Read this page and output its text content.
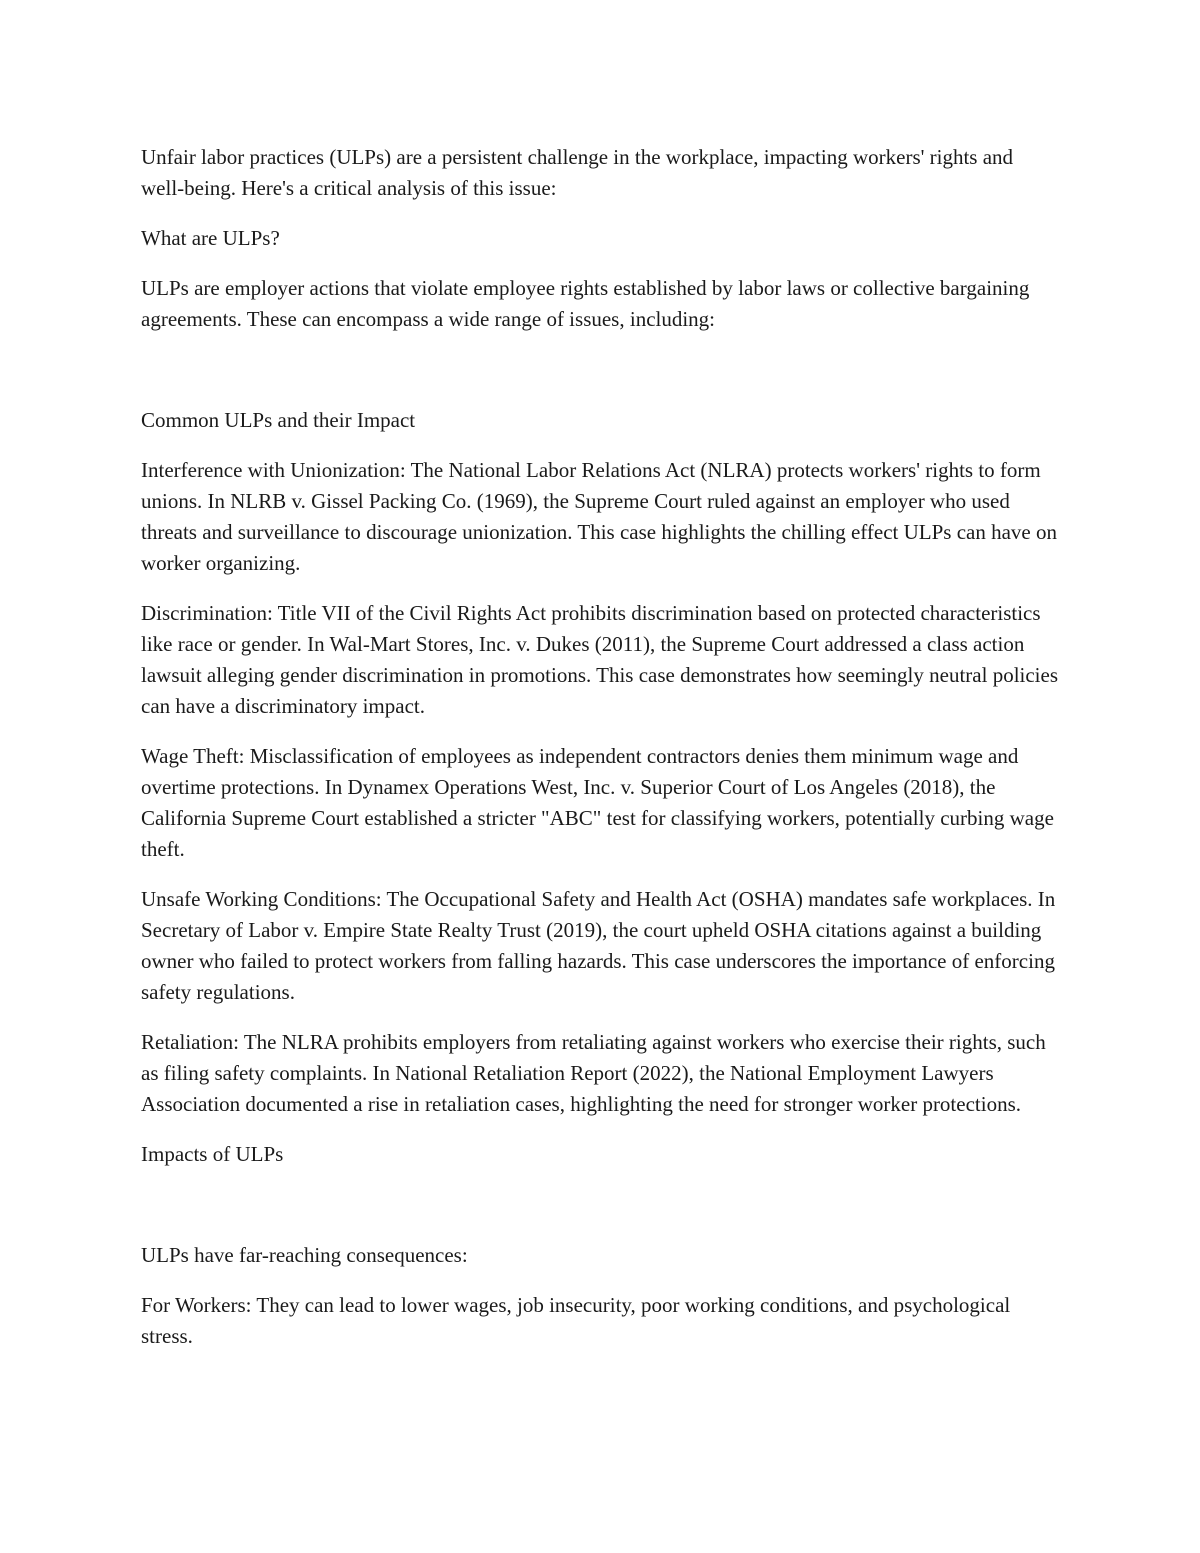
Unfair labor practices (ULPs) are a persistent challenge in the workplace, impacting workers' rights and well-being. Here's a critical analysis of this issue:

What are ULPs?

ULPs are employer actions that violate employee rights established by labor laws or collective bargaining agreements. These can encompass a wide range of issues, including:

Common ULPs and their Impact

Interference with Unionization: The National Labor Relations Act (NLRA) protects workers' rights to form unions. In NLRB v. Gissel Packing Co. (1969), the Supreme Court ruled against an employer who used threats and surveillance to discourage unionization. This case highlights the chilling effect ULPs can have on worker organizing.

Discrimination: Title VII of the Civil Rights Act prohibits discrimination based on protected characteristics like race or gender. In Wal-Mart Stores, Inc. v. Dukes (2011), the Supreme Court addressed a class action lawsuit alleging gender discrimination in promotions. This case demonstrates how seemingly neutral policies can have a discriminatory impact.

Wage Theft: Misclassification of employees as independent contractors denies them minimum wage and overtime protections. In Dynamex Operations West, Inc. v. Superior Court of Los Angeles (2018), the California Supreme Court established a stricter "ABC" test for classifying workers, potentially curbing wage theft.

Unsafe Working Conditions: The Occupational Safety and Health Act (OSHA) mandates safe workplaces. In Secretary of Labor v. Empire State Realty Trust (2019), the court upheld OSHA citations against a building owner who failed to protect workers from falling hazards. This case underscores the importance of enforcing safety regulations.

Retaliation: The NLRA prohibits employers from retaliating against workers who exercise their rights, such as filing safety complaints. In National Retaliation Report (2022), the National Employment Lawyers Association documented a rise in retaliation cases, highlighting the need for stronger worker protections.

Impacts of ULPs

ULPs have far-reaching consequences:

For Workers: They can lead to lower wages, job insecurity, poor working conditions, and psychological stress.
